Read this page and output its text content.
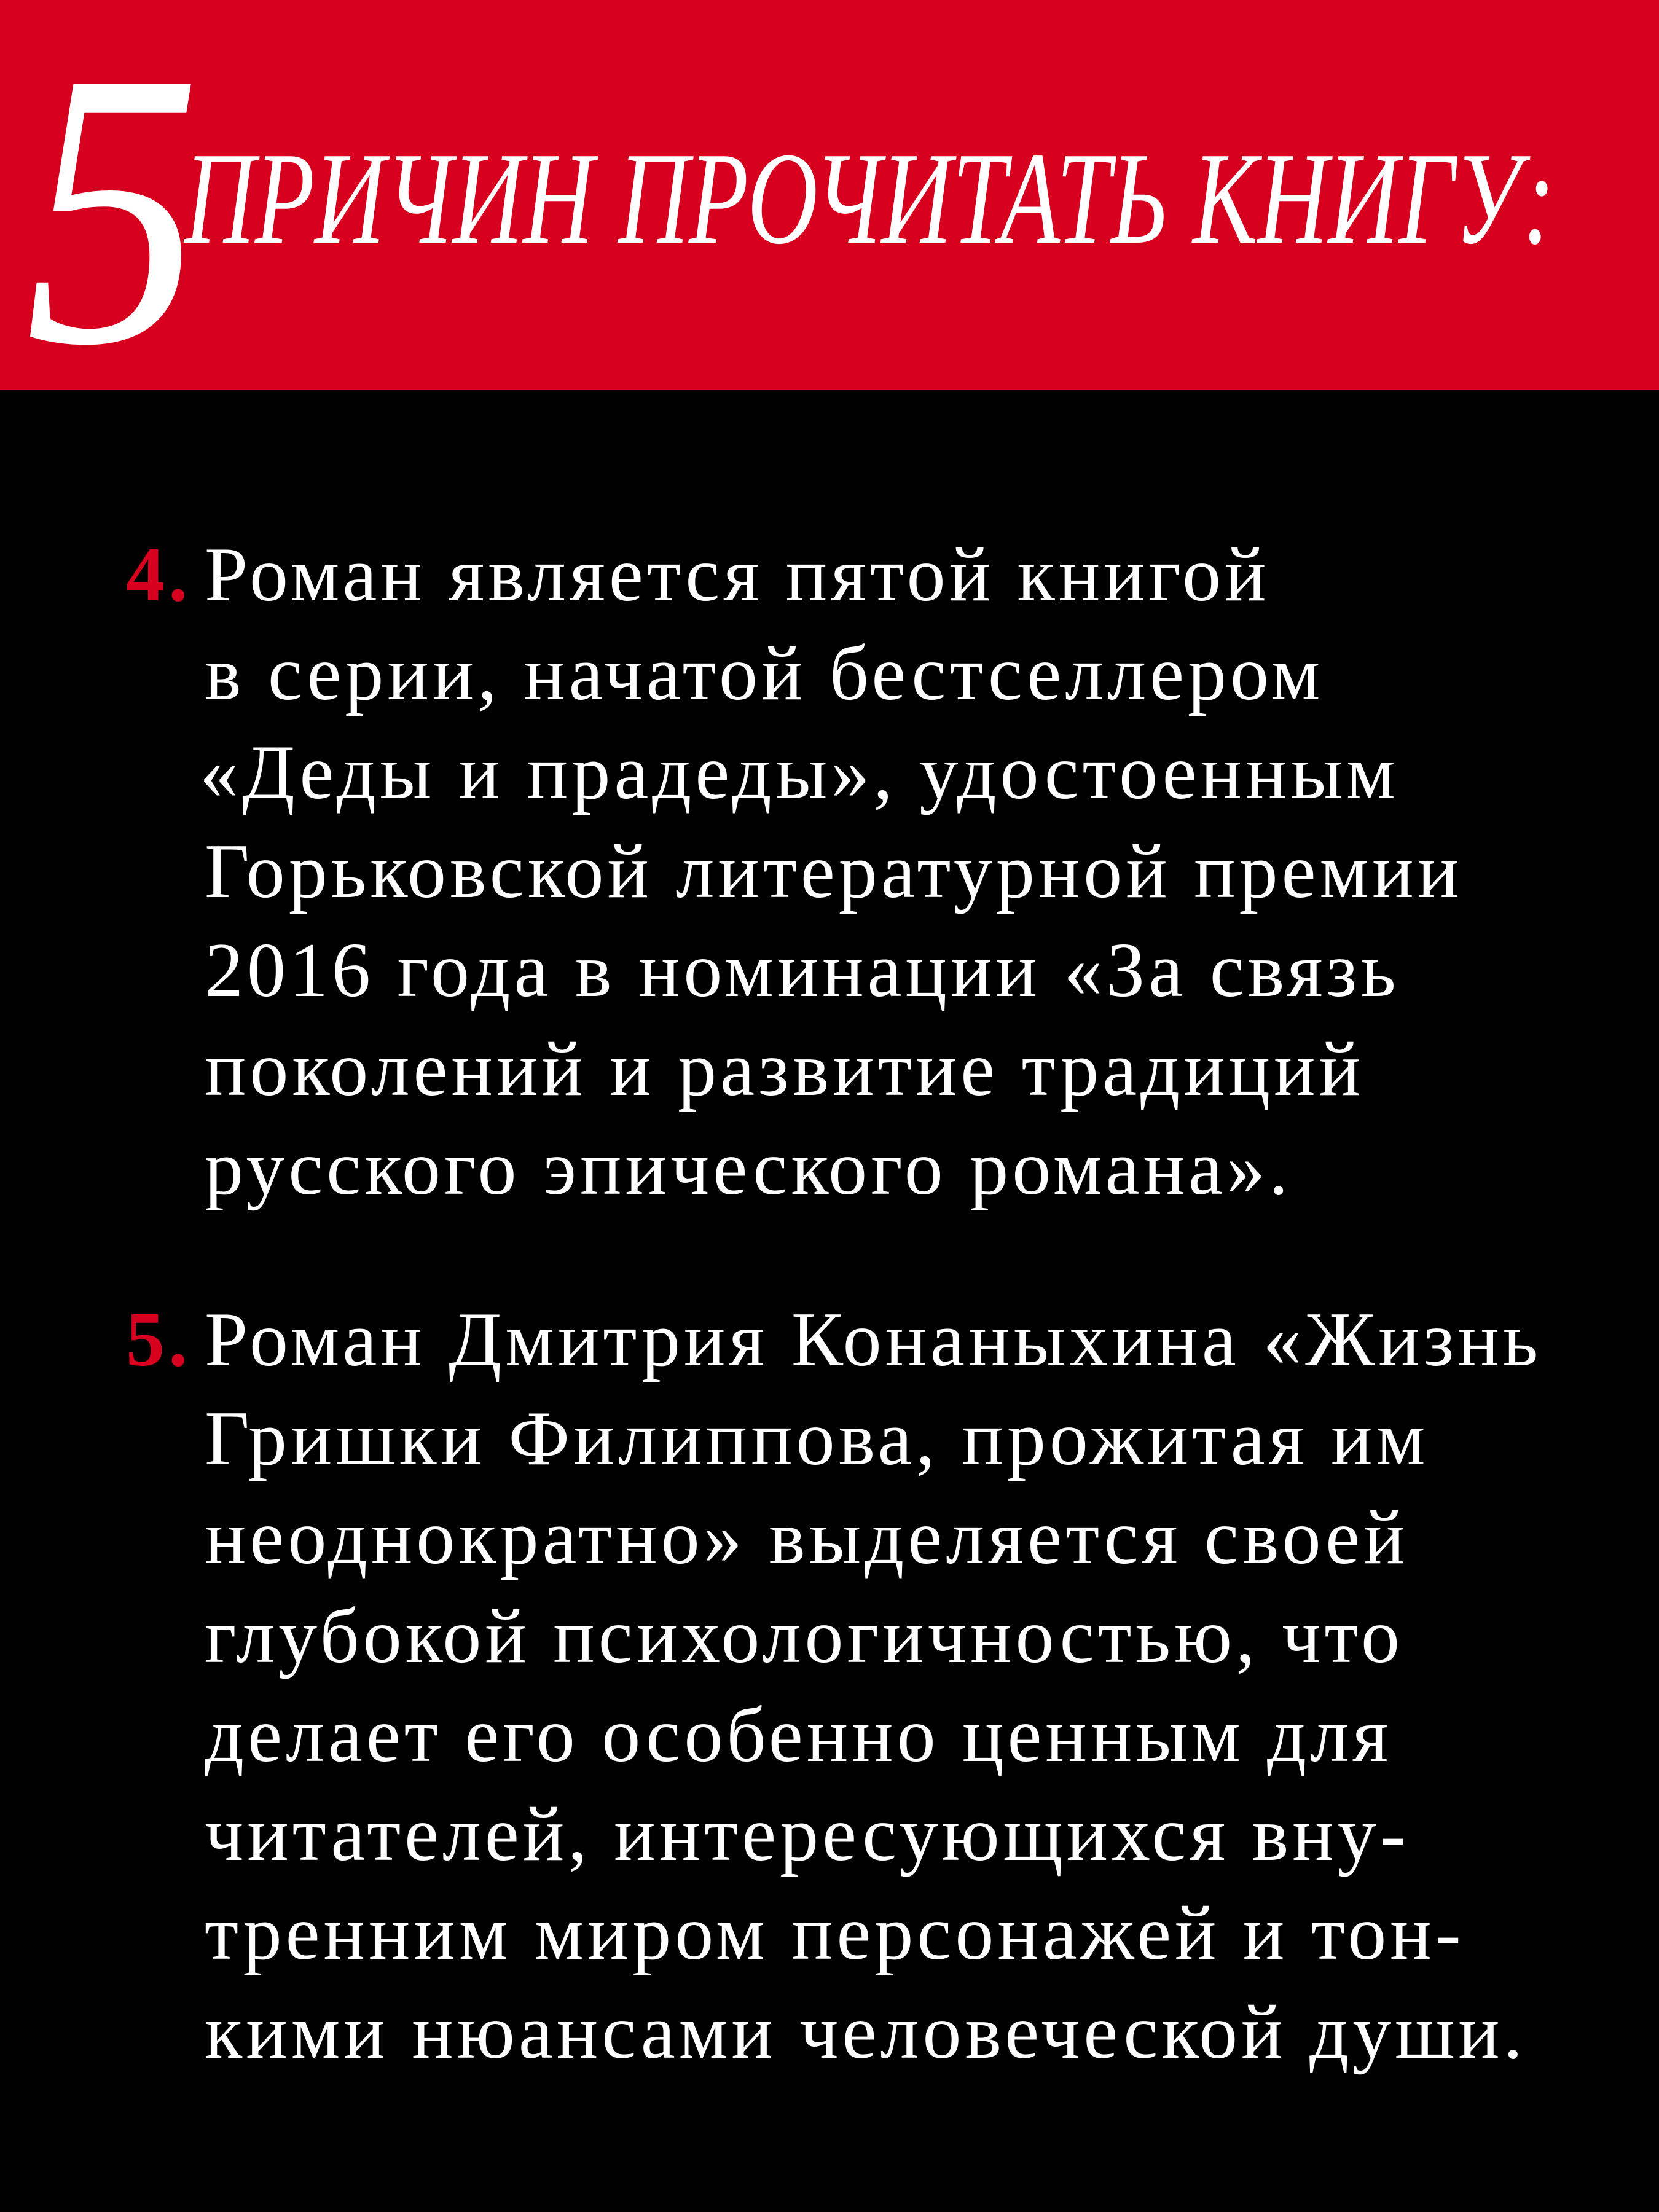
5
ПРИЧИН ПРОЧИТАТЬ КНИГУ:
4. Роман является пятой книгой
в серии, начатой бестселлером
«Деды и прадеды», удостоенным
Горьковской литературной премии
2016 года в номинации «За связь
поколений и развитие традиций
русского эпического романа».
5. Роман Дмитрия Конаныхина «Жизнь
Гришки Филиппова, прожитая им
неоднократно» выделяется своей
глубокой психологичностью, что
делает его особенно ценным для
читателей, интересующихся вну-
тренним миром персонажей и тон-
кими нюансами человеческой души.
